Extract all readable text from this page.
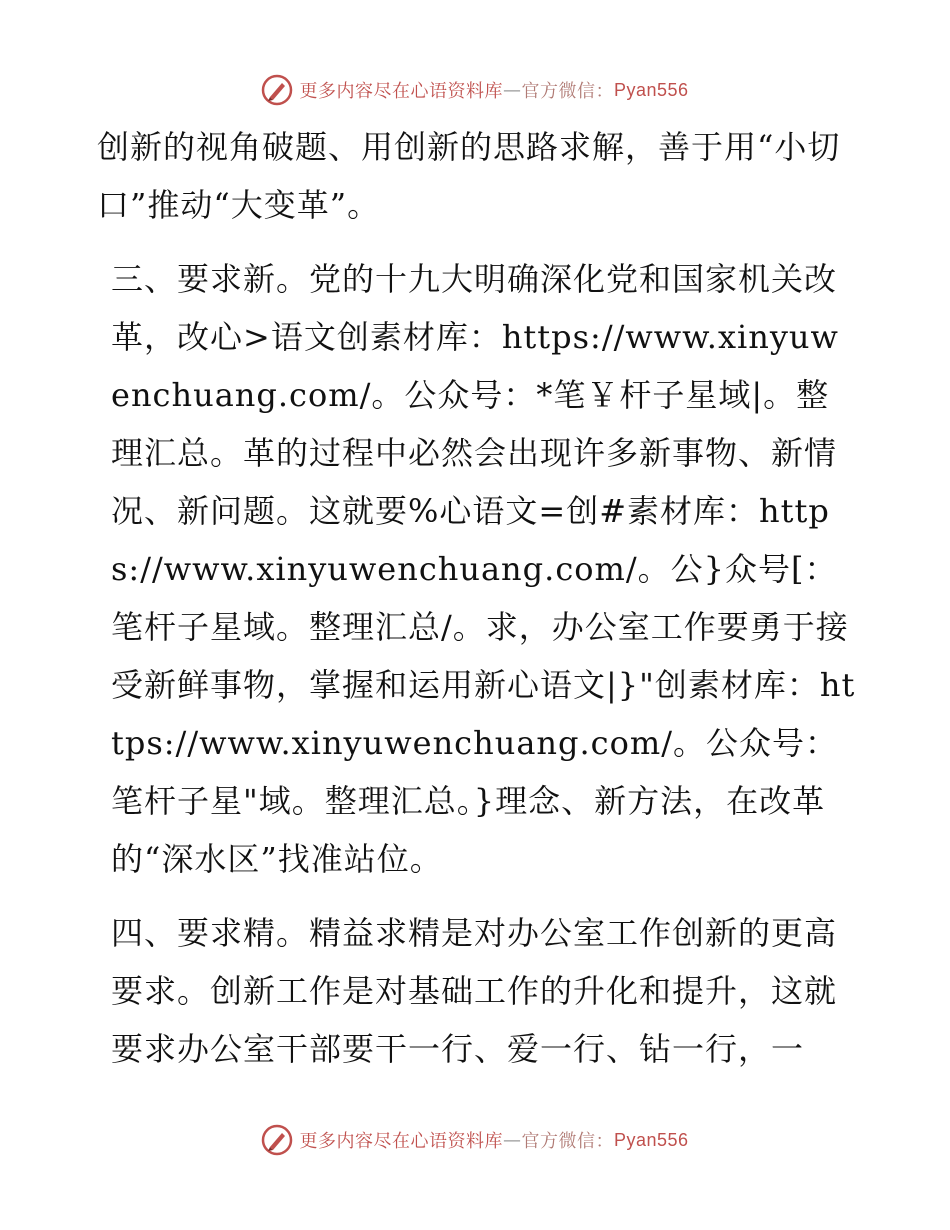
更多内容尽在心语资料库 — 官方微信： Pyan556

创新的视角破题、用创新的思路求解，善于用“小切口”推动“大变革”。

三、要求新。党的十九大明确深化党和国家机关改革，改心>语文创素材库：https://www.xinyuwenchuang.com/。公众号：*笔￥杆子星域|。整理汇总。革的过程中必然会出现许多新事物、新情况、新问题。这就要%心语文=创#素材库：https://www.xinyuwenchuang.com/。公}众号[：笔杆子星域。整理汇总/。求，办公室工作要勇于接受新鲜事物，掌握和运用新心语文|}"创素材库：https://www.xinyuwenchuang.com/。公众号：笔杆子星"域。整理汇总。}理念、新方法，在改革的“深水区”找准站位。

四、要求精。精益求精是对办公室工作创新的更高要求。创新工作是对基础工作的升化和提升，这就要求办公室干部要干一行、爱一行、钻一行，一

更多内容尽在心语资料库 — 官方微信： Pyan556
